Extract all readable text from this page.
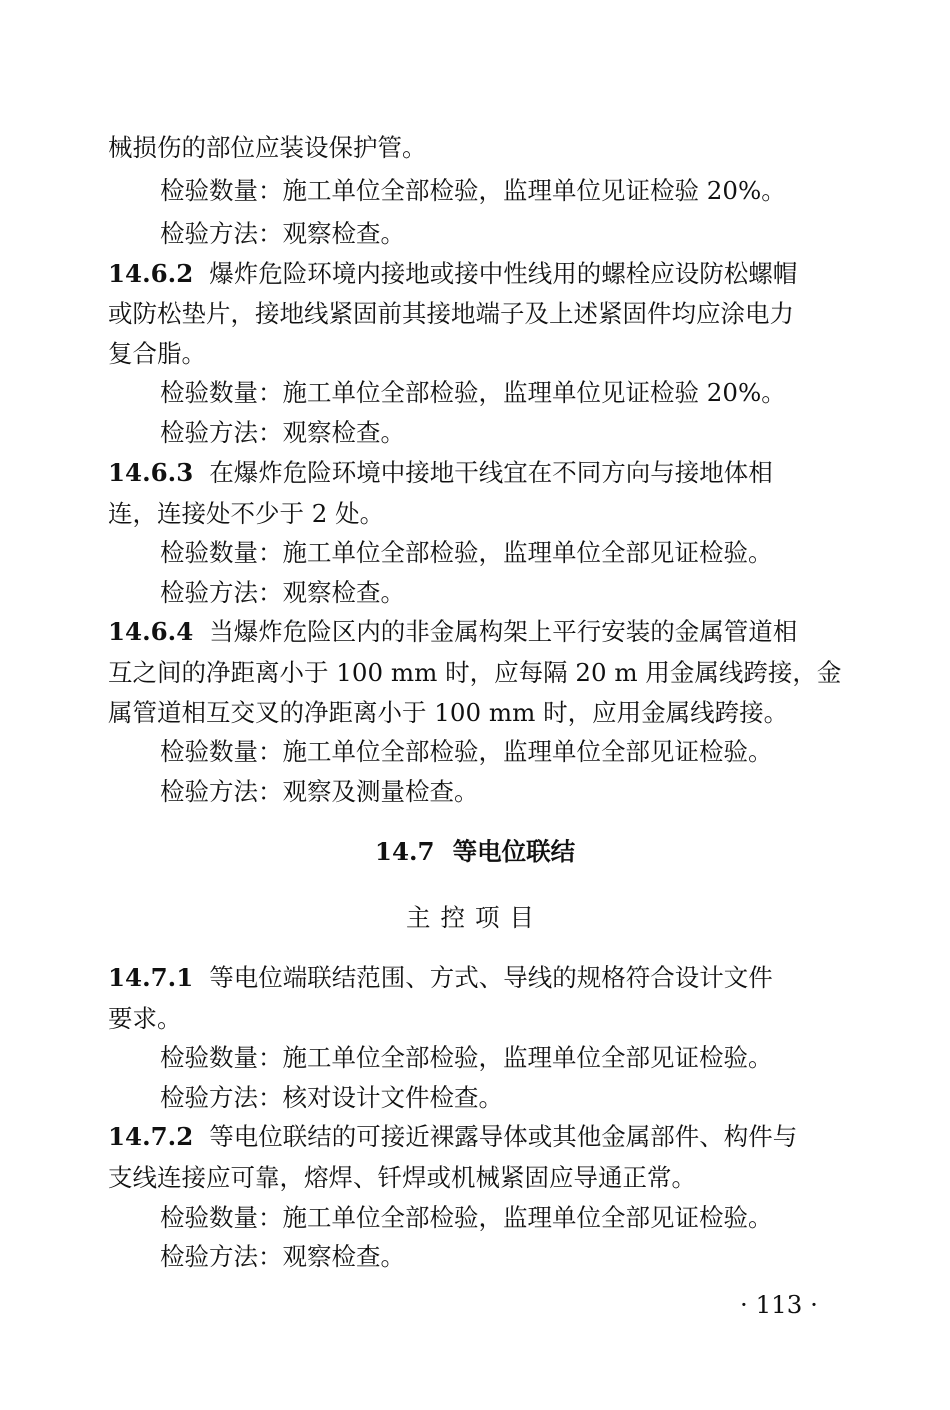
械损伤的部位应装设保护管。
检验数量：施工单位全部检验，监理单位见证检验 20%。
检验方法：观察检查。
14.6.2 爆炸危险环境内接地或接中性线用的螺栓应设防松螺帽
或防松垫片，接地线紧固前其接地端子及上述紧固件均应涂电力
复合脂。
检验数量：施工单位全部检验，监理单位见证检验 20%。
检验方法：观察检查。
14.6.3 在爆炸危险环境中接地干线宜在不同方向与接地体相
连，连接处不少于 2 处。
检验数量：施工单位全部检验，监理单位全部见证检验。
检验方法：观察检查。
14.6.4 当爆炸危险区内的非金属构架上平行安装的金属管道相
互之间的净距离小于 100 mm 时，应每隔 20 m 用金属线跨接，金
属管道相互交叉的净距离小于 100 mm 时，应用金属线跨接。
检验数量：施工单位全部检验，监理单位全部见证检验。
检验方法：观察及测量检查。
14.7 等电位联结
主控项目
14.7.1 等电位端联结范围、方式、导线的规格符合设计文件
要求。
检验数量：施工单位全部检验，监理单位全部见证检验。
检验方法：核对设计文件检查。
14.7.2 等电位联结的可接近裸露导体或其他金属部件、构件与
支线连接应可靠，熔焊、钎焊或机械紧固应导通正常。
检验数量：施工单位全部检验，监理单位全部见证检验。
检验方法：观察检查。
· 113 ·
